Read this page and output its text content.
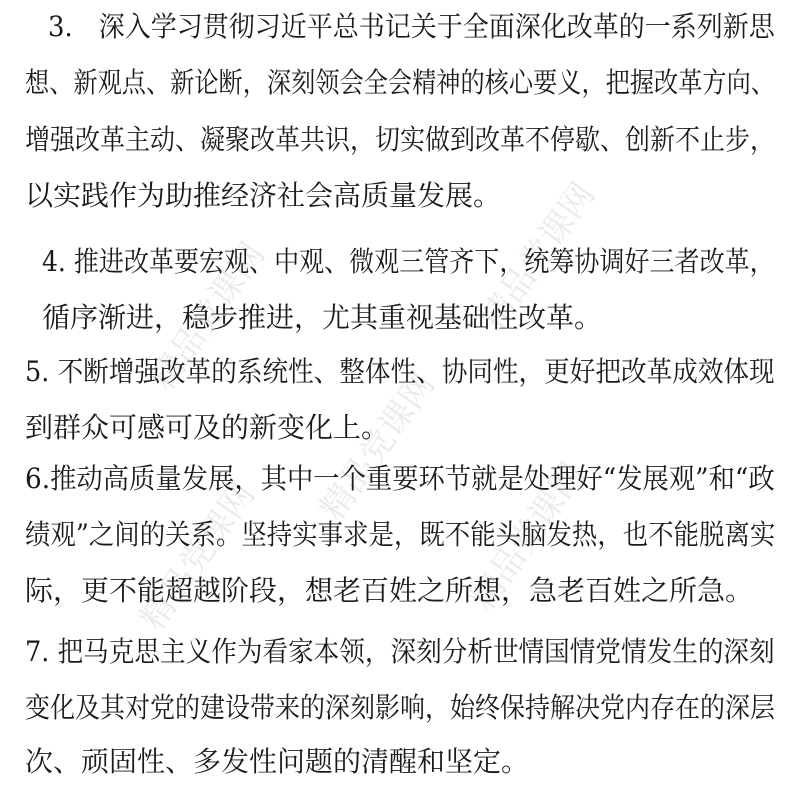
精品党课网	精品党课网
精品党课网
精品党课网	精品党课网
3.　深入学习贯彻习近平总书记关于全面深化改革的一系列新思
想、新观点、新论断，深刻领会全会精神的核心要义，把握改革方向、
增强改革主动、凝聚改革共识，切实做到改革不停歇、创新不止步，
以实践作为助推经济社会高质量发展。
4. 推进改革要宏观、中观、微观三管齐下，统筹协调好三者改革，
循序渐进，稳步推进，尤其重视基础性改革。
5. 不断增强改革的系统性、整体性、协同性，更好把改革成效体现
到群众可感可及的新变化上。
6.推动高质量发展，其中一个重要环节就是处理好“发展观”和“政
绩观”之间的关系。坚持实事求是，既不能头脑发热，也不能脱离实
际，更不能超越阶段，想老百姓之所想，急老百姓之所急。
7. 把马克思主义作为看家本领，深刻分析世情国情党情发生的深刻
变化及其对党的建设带来的深刻影响，始终保持解决党内存在的深层
次、顽固性、多发性问题的清醒和坚定。
